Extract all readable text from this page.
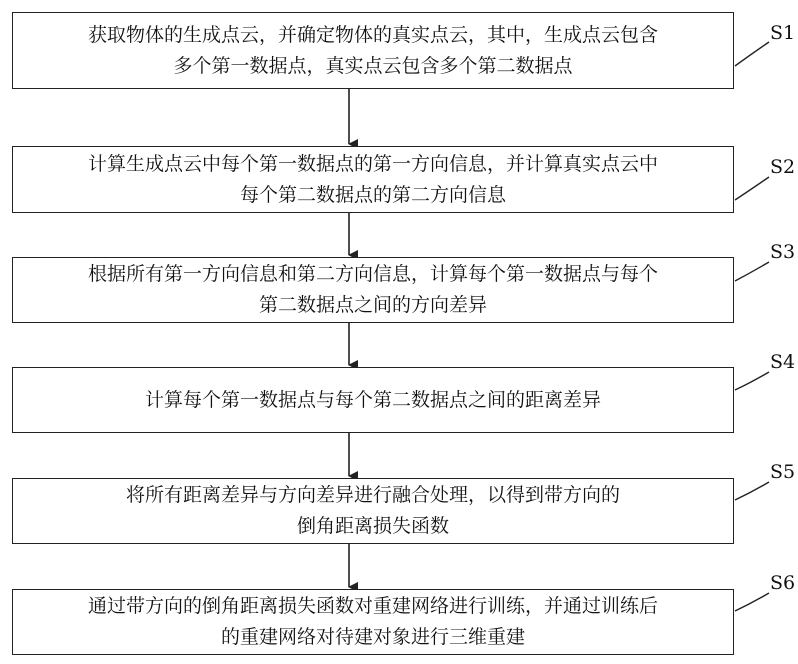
获取物体的生成点云，并确定物体的真实点云，其中，生成点云包含
多个第一数据点，真实点云包含多个第二数据点
S1
计算生成点云中每个第一数据点的第一方向信息，并计算真实点云中
每个第二数据点的第二方向信息
S2
根据所有第一方向信息和第二方向信息，计算每个第一数据点与每个
第二数据点之间的方向差异
S3
计算每个第一数据点与每个第二数据点之间的距离差异
S4
将所有距离差异与方向差异进行融合处理，以得到带方向的
倒角距离损失函数
S5
通过带方向的倒角距离损失函数对重建网络进行训练，并通过训练后
的重建网络对待建对象进行三维重建
S6
